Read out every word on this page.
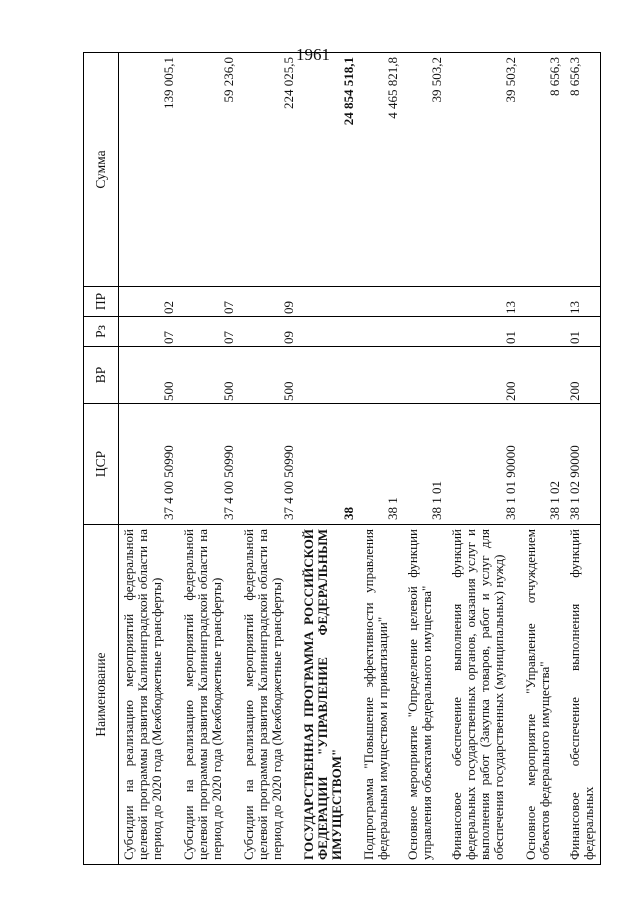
1961
Наименование	ЦСР	ВР	Рз	ПР	Сумма
Субсидии на реализацию мероприятий федеральной целевой программы развития Калининградской области на период до 2020 года (Межбюджетные трансферты)	37 4 00 50990	500	07	02	139 005,1
Субсидии на реализацию мероприятий федеральной целевой программы развития Калининградской области на период до 2020 года (Межбюджетные трансферты)	37 4 00 50990	500	07	07	59 236,0
Субсидии на реализацию мероприятий федеральной целевой программы развития Калининградской области на период до 2020 года (Межбюджетные трансферты)	37 4 00 50990	500	09	09	224 025,5
ГОСУДАРСТВЕННАЯ ПРОГРАММА РОССИЙСКОЙ ФЕДЕРАЦИИ "УПРАВЛЕНИЕ ФЕДЕРАЛЬНЫМ ИМУЩЕСТВОМ"	38				24 854 518,1
Подпрограмма "Повышение эффективности управления федеральным имуществом и приватизации"	38 1				4 465 821,8
Основное мероприятие "Определение целевой функции управления объектами федерального имущества"	38 1 01				39 503,2
Финансовое обеспечение выполнения функций федеральных государственных органов, оказания услуг и выполнения работ (Закупка товаров, работ и услуг для обеспечения государственных (муниципальных) нужд)	38 1 01 90000	200	01	13	39 503,2
Основное мероприятие "Управление отчуждением объектов федерального имущества"	38 1 02				8 656,3
Финансовое обеспечение выполнения функций федеральных	38 1 02 90000	200	01	13	8 656,3
